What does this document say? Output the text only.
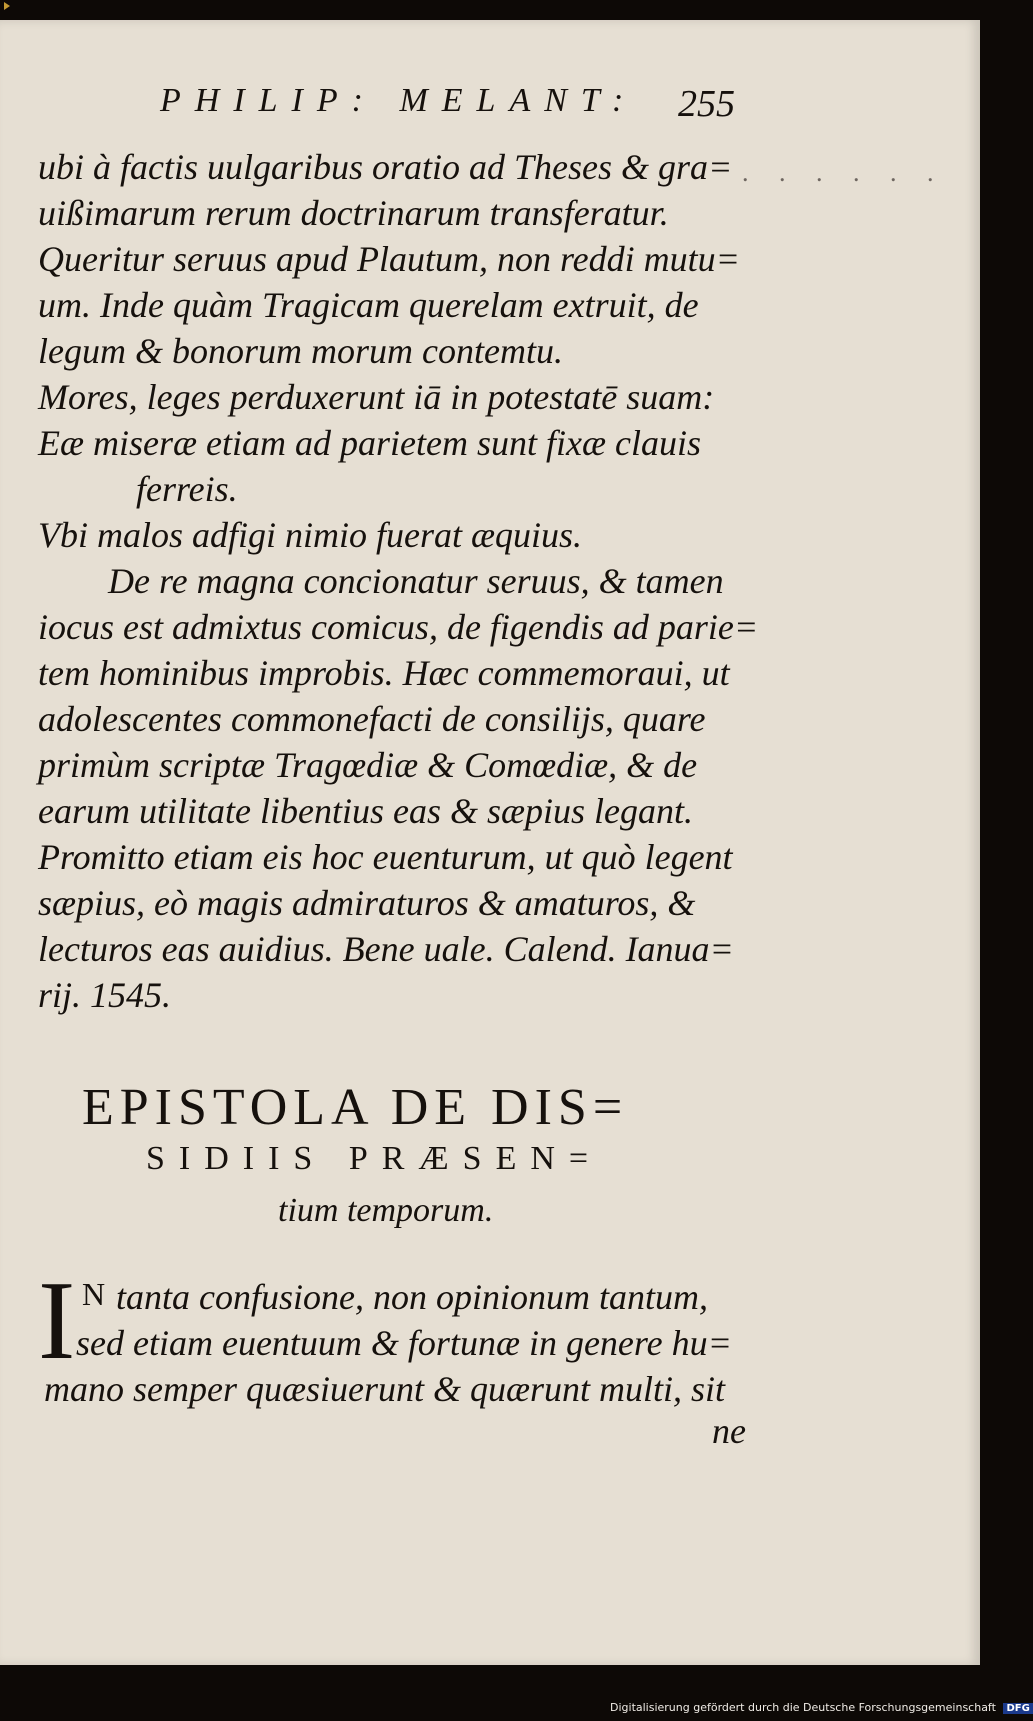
PHILIP: MELANT:	255
. . . . . .
ubi à factis uulgaribus oratio ad Theses & gra=
uißimarum rerum doctrinarum transferatur.
Queritur seruus apud Plautum, non reddi mutu=
um. Inde quàm Tragicam querelam extruit, de
legum & bonorum morum contemtu.
Mores, leges perduxerunt iā in potestatē suam:
Eæ miseræ etiam ad parietem sunt fixæ clauis
ferreis.
Vbi malos adfigi nimio fuerat æquius.
De re magna concionatur seruus, & tamen
iocus est admixtus comicus, de figendis ad parie=
tem hominibus improbis. Hæc commemoraui, ut
adolescentes commonefacti de consilijs, quare
primùm scriptæ Tragœdiæ & Comœdiæ, & de
earum utilitate libentius eas & sæpius legant.
Promitto etiam eis hoc euenturum, ut quò legent
sæpius, eò magis admiraturos & amaturos, &
lecturos eas auidius. Bene uale. Calend. Ianua=
rij. 1545.
EPISTOLA DE DIS=
SIDIIS PRÆSEN=
tium temporum.
I N tanta confusione, non opinionum tantum,
sed etiam euentuum & fortunæ in genere hu=
mano semper quæsiuerunt & quærunt multi, sit
ne
Digitalisierung gefördert durch die Deutsche Forschungsgemeinschaft DFG
